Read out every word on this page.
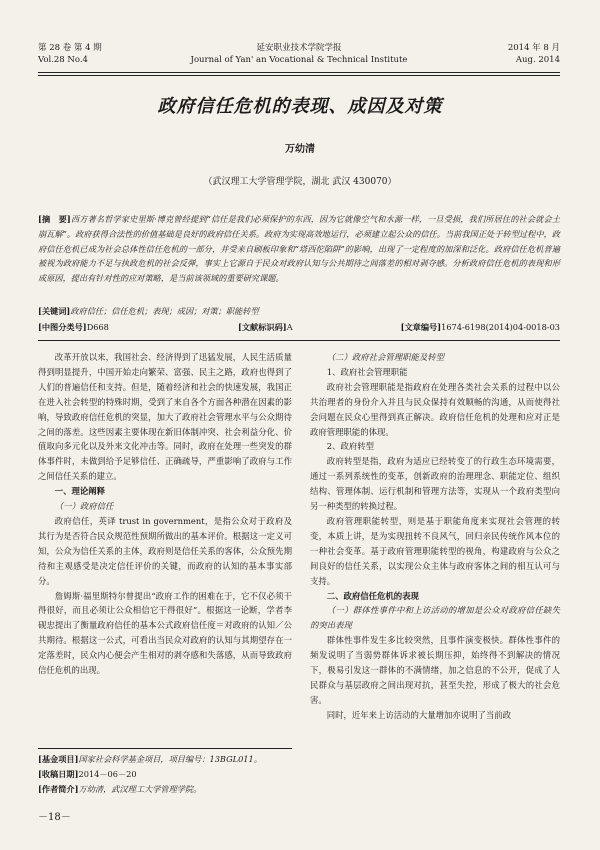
第 28 卷 第 4 期
Vol.28 No.4
延安职业技术学院学报
Journal of Yan' an Vocational & Technical Institute
2014 年 8 月
Aug. 2014
政府信任危机的表现、成因及对策
万幼清
（武汉理工大学管理学院，湖北 武汉 430070）
[摘　要]西方著名哲学家史里斯·博克曾经提到“信任是我们必须保护的东西，因为它就像空气和水源一样，一旦受损，我们所居住的社会就会土崩瓦解”。政府获得合法性的价值基础是良好的政府信任关系。政府为实现高效地运行，必须建立起公众的信任。当前我国正处于转型过程中，政府信任危机已成为社会总体性信任危机的一部分，并受来自刷板印象和“塔西佗陷阱”的影响，出现了一定程度的加深和泛化。政府信任危机普遍被视为政府能力不足与执政危机的社会反弹，事实上它源自于民众对政府认知与公共期待之间落差的相对剥夺感。分析政府信任危机的表现和形成原因，提出有针对性的应对策略，是当前该领域的重要研究课题。
[关键词]政府信任；信任危机；表现；成因；对策；职能转型
[中图分类号]D668	[文献标识码]A	[文章编号]1674-6198(2014)04-0018-03

改革开放以来，我国社会、经济得到了迅猛发展，人民生活质量得到明显提升，中国开始走向繁荣、富强、民主之路，政府也得到了人们的普遍信任和支持。但是，随着经济和社会的快速发展，我国正在进入社会转型的特殊时期，受到了来自各个方面各种潜在因素的影响，导致政府信任危机的突显，加大了政府社会管理水平与公众期待之间的落差。这些因素主要体现在新旧体制冲突、社会利益分化、价值取向多元化以及外来文化冲击等。同时，政府在处理一些突发的群体事件时，未做到给予足够信任、正确疏导，严重影响了政府与工作之间信任关系的建立。

一、理论阐释

（一）政府信任

政府信任，英译 trust in government，是指公众对于政府及其行为是否符合民众规范性预期所做出的基本评价。根据这一定义可知，公众为信任关系的主体，政府则是信任关系的客体，公众预先期待和主观感受是决定信任评价的关键，而政府的认知的基本事实部分。

詹姆斯·福里斯特尔曾提出“政府工作的困难在于，它不仅必须干得很好，而且必须让公众相信它干得很好”。根据这一论断，学者李砚忠提出了衡量政府信任的基本公式政府信任度＝对政府的认知／公共期待。根据这一公式，可看出当民众对政府的认知与其期望存在一定落差时，民众内心便会产生相对的剥夺感和失落感，从而导致政府信任危机的出现。

（二）政府社会管理职能及转型

1、政府社会管理职能

政府社会管理职能是指政府在处理各类社会关系的过程中以公共治理者的身份介入并且与民众保持有效顺畅的沟通，从而使得社会问题在民众心里得到真正解决。政府信任危机的处理和应对正是政府管理职能的体现。

2、政府转型

政府转型是指，政府为适应已经转变了的行政生态环境需要，通过一系列系统性的变革，创新政府的治理理念、职能定位、组织结构、管理体制、运行机制和管理方法等，实现从一个政府类型向另一种类型的转换过程。

政府管理职能转型，则是基于职能角度来实现社会管理的转变，本质上讲，是为实现扭转不良风气，回归亲民传统作风本位的一种社会变革。基于政府管理职能转型的视角，构建政府与公众之间良好的信任关系，以实现公众主体与政府客体之间的相互认可与支持。

二、政府信任危机的表现

（一）群体性事件中和上访活动的增加是公众对政府信任缺失的突出表现

群体性事件发生多比较突然，且事件演变极快。群体性事件的频发说明了当弱势群体诉求被长期压抑，始终得不到解决的情况下，极易引发这一群体的不满情绪，加之信息的不公开，促成了人民群众与基层政府之间出现对抗，甚至失控，形成了极大的社会危害。

同时，近年来上访活动的大量增加亦说明了当前政

[基金项目]国家社会科学基金项目，项目编号：13BGL011。
[收稿日期]2014－06－20
[作者简介]万幼清，武汉理工大学管理学院。
－18－
